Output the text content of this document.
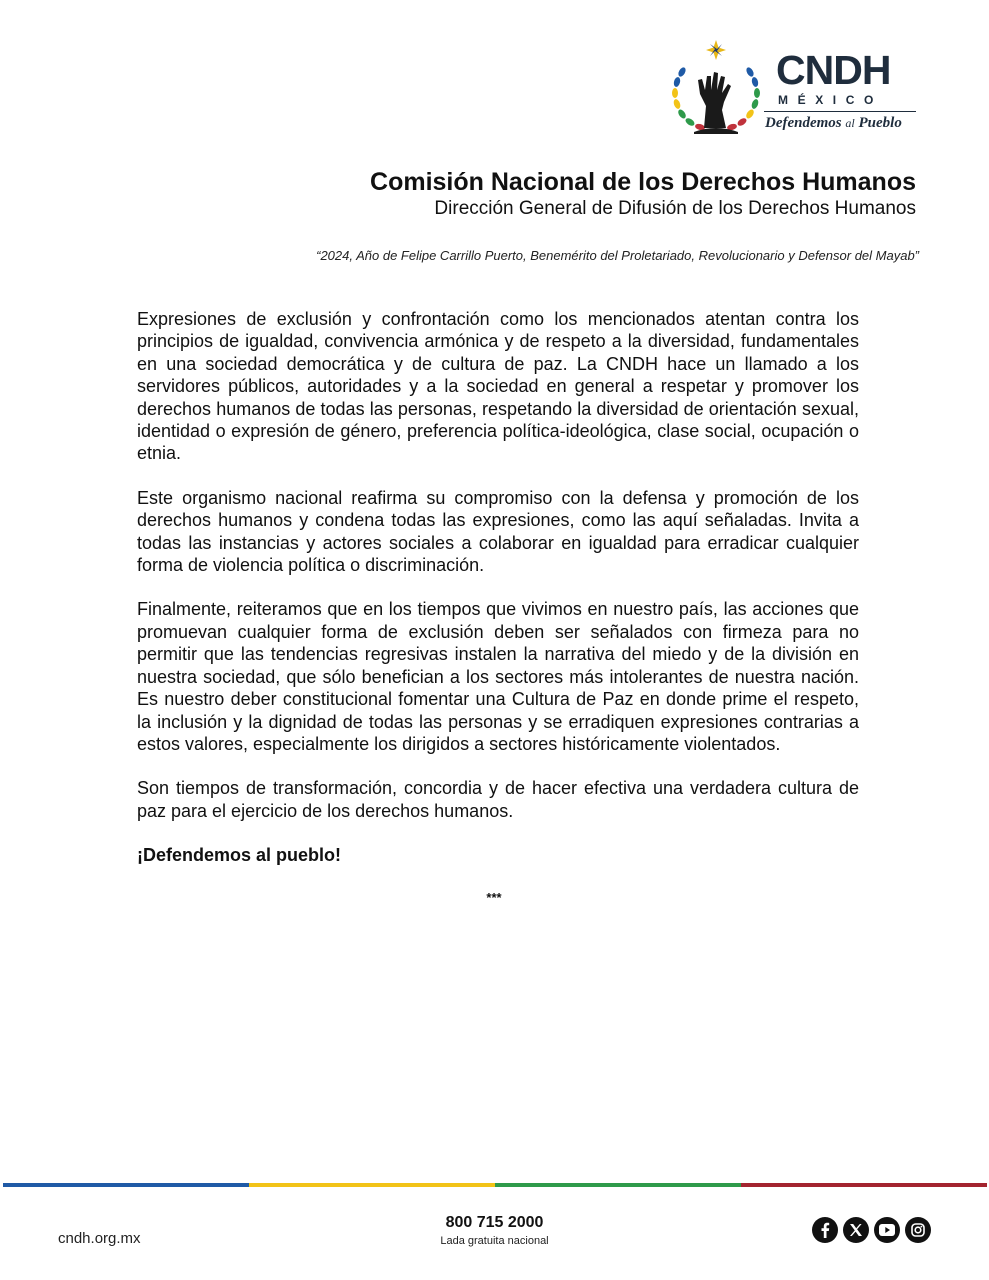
CNDH
MÉXICO
Defendemos al Pueblo
Comisión Nacional de los Derechos Humanos
Dirección General de Difusión de los Derechos Humanos
“2024, Año de Felipe Carrillo Puerto, Benemérito del Proletariado, Revolucionario y Defensor del Mayab”

Expresiones de exclusión y confrontación como los mencionados atentan contra los principios de igualdad, convivencia armónica y de respeto a la diversidad, fundamentales en una sociedad democrática y de cultura de paz. La CNDH hace un llamado a los servidores públicos, autoridades y a la sociedad en general a respetar y promover los derechos humanos de todas las personas, respetando la diversidad de orientación sexual, identidad o expresión de género, preferencia política-ideológica, clase social, ocupación o etnia.

Este organismo nacional reafirma su compromiso con la defensa y promoción de los derechos humanos y condena todas las expresiones, como las aquí señaladas. Invita a todas las instancias y actores sociales a colaborar en igualdad para erradicar cualquier forma de violencia política o discriminación.

Finalmente, reiteramos que en los tiempos que vivimos en nuestro país, las acciones que promuevan cualquier forma de exclusión deben ser señalados con firmeza para no permitir que las tendencias regresivas instalen la narrativa del miedo y de la división en nuestra sociedad, que sólo benefician a los sectores más intolerantes de nuestra nación. Es nuestro deber constitucional fomentar una Cultura de Paz en donde prime el respeto, la inclusión y la dignidad de todas las personas y se erradiquen expresiones contrarias a estos valores, especialmente los dirigidos a sectores históricamente violentados.

Son tiempos de transformación, concordia y de hacer efectiva una verdadera cultura de paz para el ejercicio de los derechos humanos.

¡Defendemos al pueblo!

***
cndh.org.mx
800 715 2000
Lada gratuita nacional
